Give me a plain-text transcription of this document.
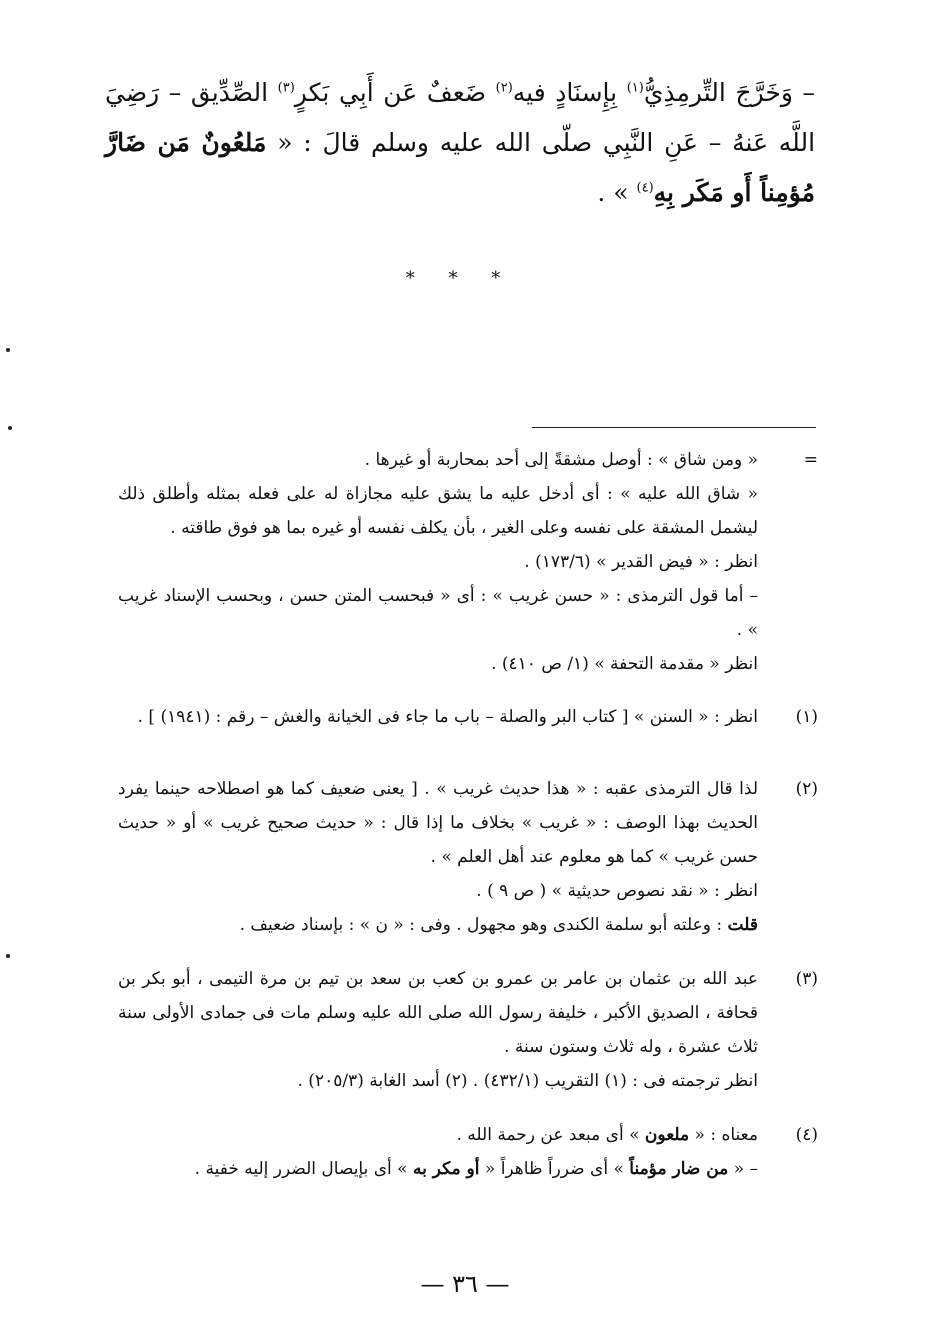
– وَخَرَّجَ التِّرمِذِيُّ$^{(١)}$ بِإِسنَادٍ فيه$^{(٢)}$ ضَعفٌ عَن أَبِي بَكرٍ$^{(٣)}$ الصِّدِّيق – رَضِيَ اللَّه عَنهُ – عَنِ النَّبِي صلّى الله عليه وسلم قالَ : « مَلعُونٌ مَن ضَارَّ مُؤمِناً أَو مَكَر بِهِ$^{(٤)}$ » .
* * *
=

« ومن شاق » : أوصل مشقةً إلى أحد بمحاربة أو غيرها .

« شاق الله عليه » : أى أدخل عليه ما يشق عليه مجازاة له على فعله بمثله وأطلق ذلك ليشمل المشقة على نفسه وعلى الغير ، بأن يكلف نفسه أو غيره بما هو فوق طاقته .

انظر : « فيض القدير » (١٧٣/٦) .

– أما قول الترمذى : « حسن غريب » : أى « فبحسب المتن حسن ، وبحسب الإسناد غريب » .

انظر « مقدمة التحفة » (١/ ص ٤١٠) .

(١)

انظر : « السنن » [ كتاب البر والصلة – باب ما جاء فى الخيانة والغش – رقم : (١٩٤١) ] .

(٢)

لذا قال الترمذى عقبه : « هذا حديث غريب » . [ يعنى ضعيف كما هو اصطلاحه حينما يفرد الحديث بهذا الوصف : « غريب » بخلاف ما إذا قال : « حديث صحيح غريب » أو « حديث حسن غريب » كما هو معلوم عند أهل العلم » .

انظر : « نقد نصوص حديثية » ( ص ٩ ) .

قلت : وعلته أبو سلمة الكندى وهو مجهول . وفى : « ن » : بإسناد ضعيف .

(٣)

عبد الله بن عثمان بن عامر بن عمرو بن كعب بن سعد بن تيم بن مرة التيمى ، أبو بكر بن قحافة ، الصديق الأكبر ، خليفة رسول الله صلى الله عليه وسلم مات فى جمادى الأولى سنة ثلاث عشرة ، وله ثلاث وستون سنة .

انظر ترجمته فى : (١) التقريب (٤٣٢/١) . (٢) أسد الغابة (٢٠٥/٣) .

(٤)

معناه : « ملعون » أى مبعد عن رحمة الله .

– « من ضار مؤمناً » أى ضرراً ظاهراً « أو مكر به » أى بإيصال الضرر إليه خفية .

— ٣٦ —
